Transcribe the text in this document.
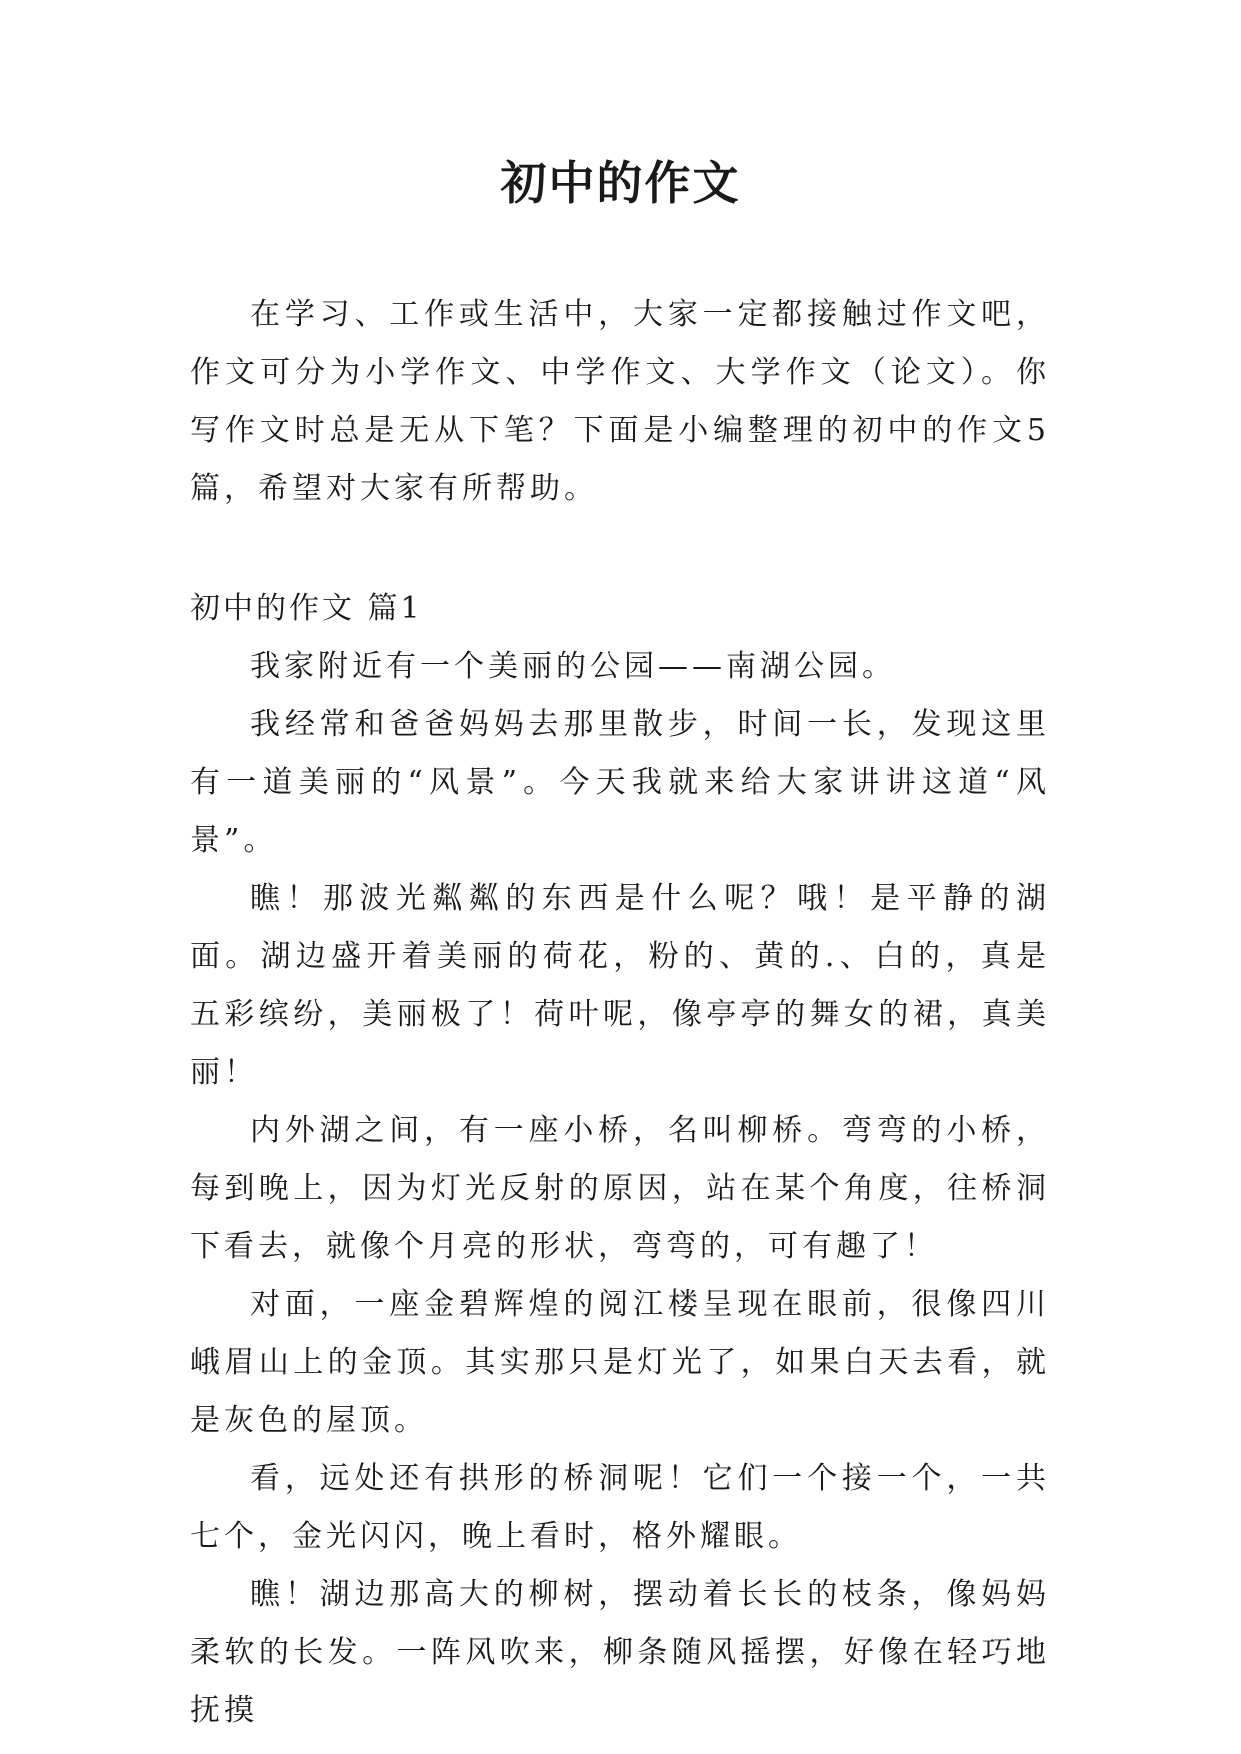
初中的作文

在学习、工作或生活中，大家一定都接触过作文吧，作文可分为小学作文、中学作文、大学作文（论文）。你写作文时总是无从下笔？下面是小编整理的初中的作文5篇，希望对大家有所帮助。

初中的作文 篇1

我家附近有一个美丽的公园——南湖公园。

我经常和爸爸妈妈去那里散步，时间一长，发现这里有一道美丽的“风景”。今天我就来给大家讲讲这道“风景”。

瞧！那波光粼粼的东西是什么呢？哦！是平静的湖面。湖边盛开着美丽的荷花，粉的、黄的.、白的，真是五彩缤纷，美丽极了！荷叶呢，像亭亭的舞女的裙，真美丽！

内外湖之间，有一座小桥，名叫柳桥。弯弯的小桥，每到晚上，因为灯光反射的原因，站在某个角度，往桥洞下看去，就像个月亮的形状，弯弯的，可有趣了！

对面，一座金碧辉煌的阅江楼呈现在眼前，很像四川峨眉山上的金顶。其实那只是灯光了，如果白天去看，就是灰色的屋顶。

看，远处还有拱形的桥洞呢！它们一个接一个，一共七个，金光闪闪，晚上看时，格外耀眼。

瞧！湖边那高大的柳树，摆动着长长的枝条，像妈妈柔软的长发。一阵风吹来，柳条随风摇摆，好像在轻巧地抚摸
